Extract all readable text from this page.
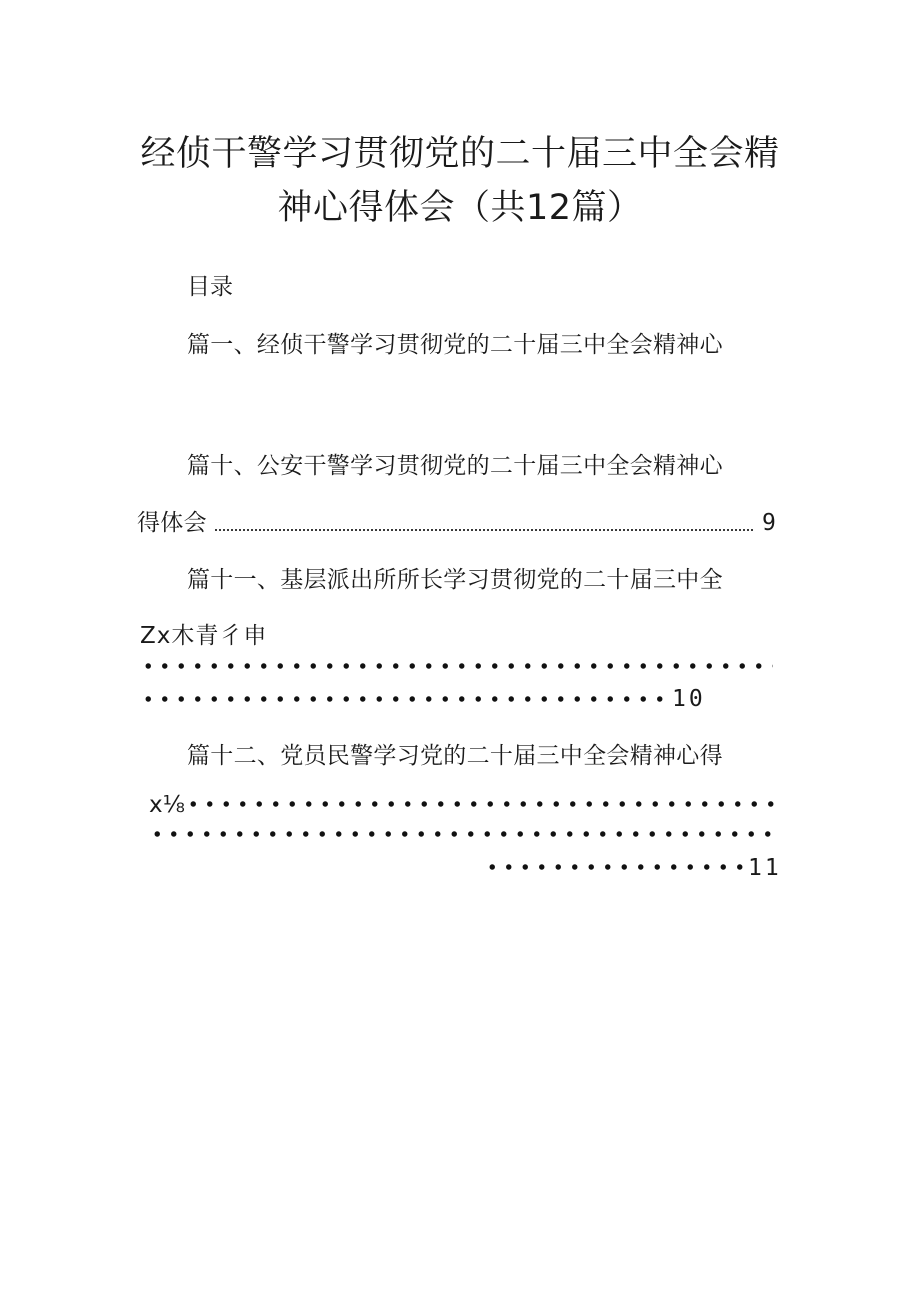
经侦干警学习贯彻党的二十届三中全会精
神心得体会（共12篇）
目录
篇一、经侦干警学习贯彻党的二十届三中全会精神心
篇十、公安干警学习贯彻党的二十届三中全会精神心
得体会	9
篇十一、基层派出所所长学习贯彻党的二十届三中全
Zx木青彳申
10
篇十二、党员民警学习党的二十届三中全会精神心得
x⅛
11
